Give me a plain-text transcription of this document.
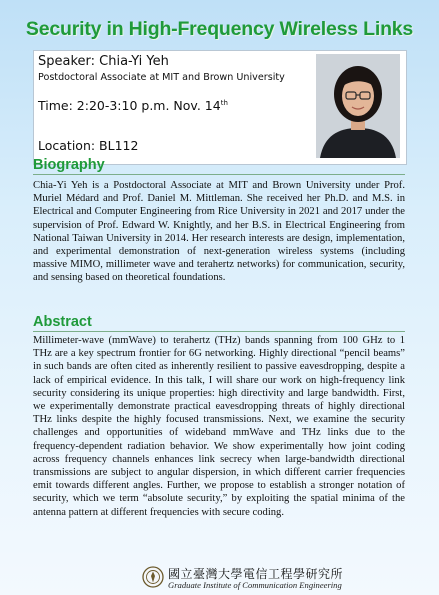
Security in High-Frequency Wireless Links
Speaker: Chia-Yi Yeh
Postdoctoral Associate at MIT and Brown University
Time: 2:20-3:10 p.m. Nov. 14th
Location: BL112
Biography
Chia-Yi Yeh is a Postdoctoral Associate at MIT and Brown University under Prof. Muriel Médard and Prof. Daniel M. Mittleman. She received her Ph.D. and M.S. in Electrical and Computer Engineering from Rice University in 2021 and 2017 under the supervision of Prof. Edward W. Knightly, and her B.S. in Electrical Engineering from National Taiwan University in 2014. Her research interests are design, implementation, and experimental demonstration of next-generation wireless systems (including massive MIMO, millimeter wave and terahertz networks) for communication, security, and sensing based on theoretical foundations.
Abstract
Millimeter-wave (mmWave) to terahertz (THz) bands spanning from 100 GHz to 1 THz are a key spectrum frontier for 6G networking. Highly directional “pencil beams” in such bands are often cited as inherently resilient to passive eavesdropping, despite a lack of empirical evidence. In this talk, I will share our work on high-frequency link security considering its unique properties: high directivity and large bandwidth. First, we experimentally demonstrate practical eavesdropping threats of highly directional THz links despite the highly focused transmissions. Next, we examine the security challenges and opportunities of wideband mmWave and THz links due to the frequency-dependent radiation behavior. We show experimentally how joint coding across frequency channels enhances link secrecy when large-bandwidth directional transmissions are subject to angular dispersion, in which different carrier frequencies emit towards different angles. Further, we propose to establish a stronger notation of security, which we term “absolute security,” by exploiting the spatial minima of the antenna pattern at different frequencies with secure coding.
國立臺灣大學電信工程學研究所
Graduate Institute of Communication Engineering
